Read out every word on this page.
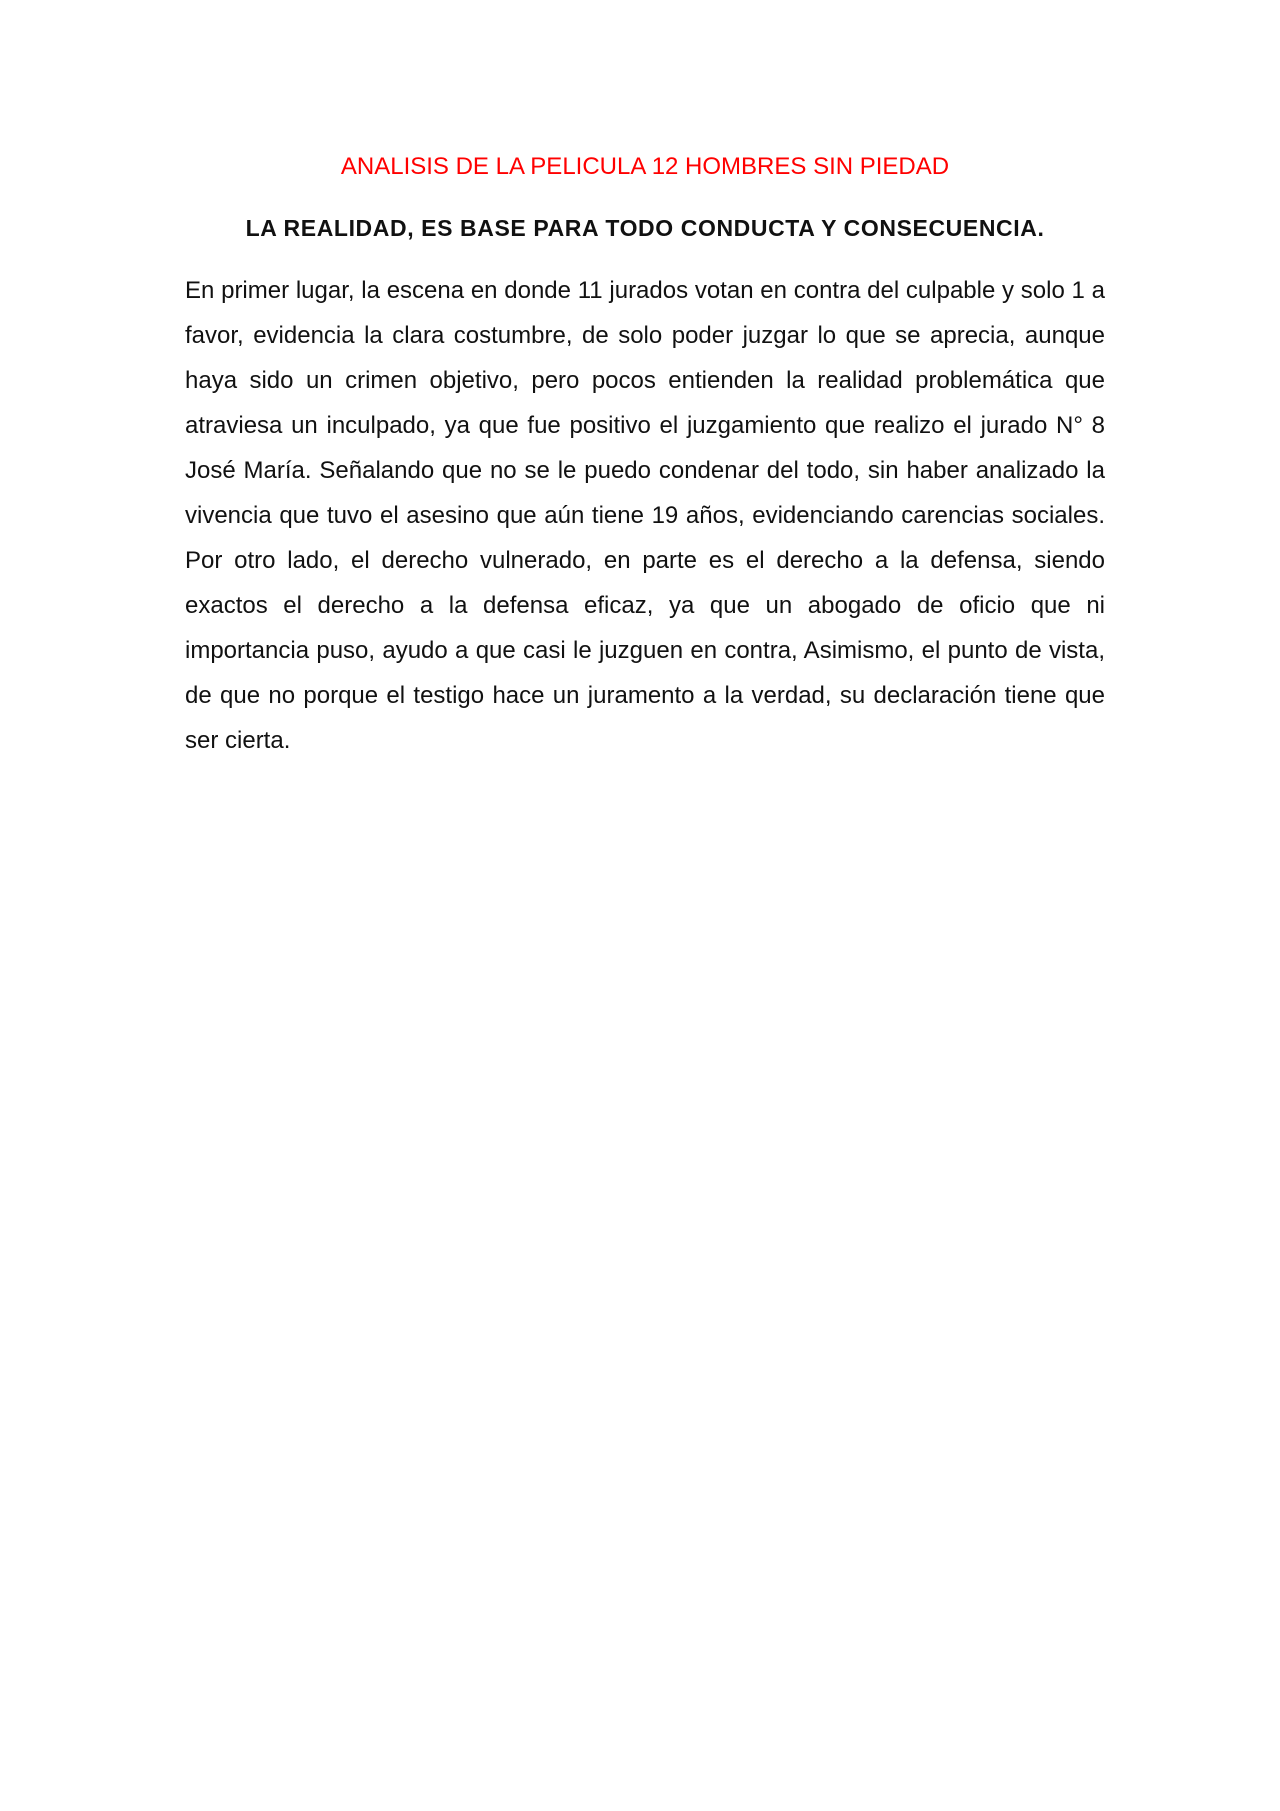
ANALISIS DE LA PELICULA 12 HOMBRES SIN PIEDAD
LA REALIDAD, ES BASE PARA TODO CONDUCTA Y CONSECUENCIA.

En primer lugar, la escena en donde 11 jurados votan en contra del culpable y solo 1 a favor, evidencia la clara costumbre, de solo poder juzgar lo que se aprecia, aunque haya sido un crimen objetivo, pero pocos entienden la realidad problemática que atraviesa un inculpado, ya que fue positivo el juzgamiento que realizo el jurado N° 8 José María. Señalando que no se le puedo condenar del todo, sin haber analizado la vivencia que tuvo el asesino que aún tiene 19 años, evidenciando carencias sociales. Por otro lado, el derecho vulnerado, en parte es el derecho a la defensa, siendo exactos el derecho a la defensa eficaz, ya que un abogado de oficio que ni importancia puso, ayudo a que casi le juzguen en contra, Asimismo, el punto de vista, de que no porque el testigo hace un juramento a la verdad, su declaración tiene que ser cierta.
